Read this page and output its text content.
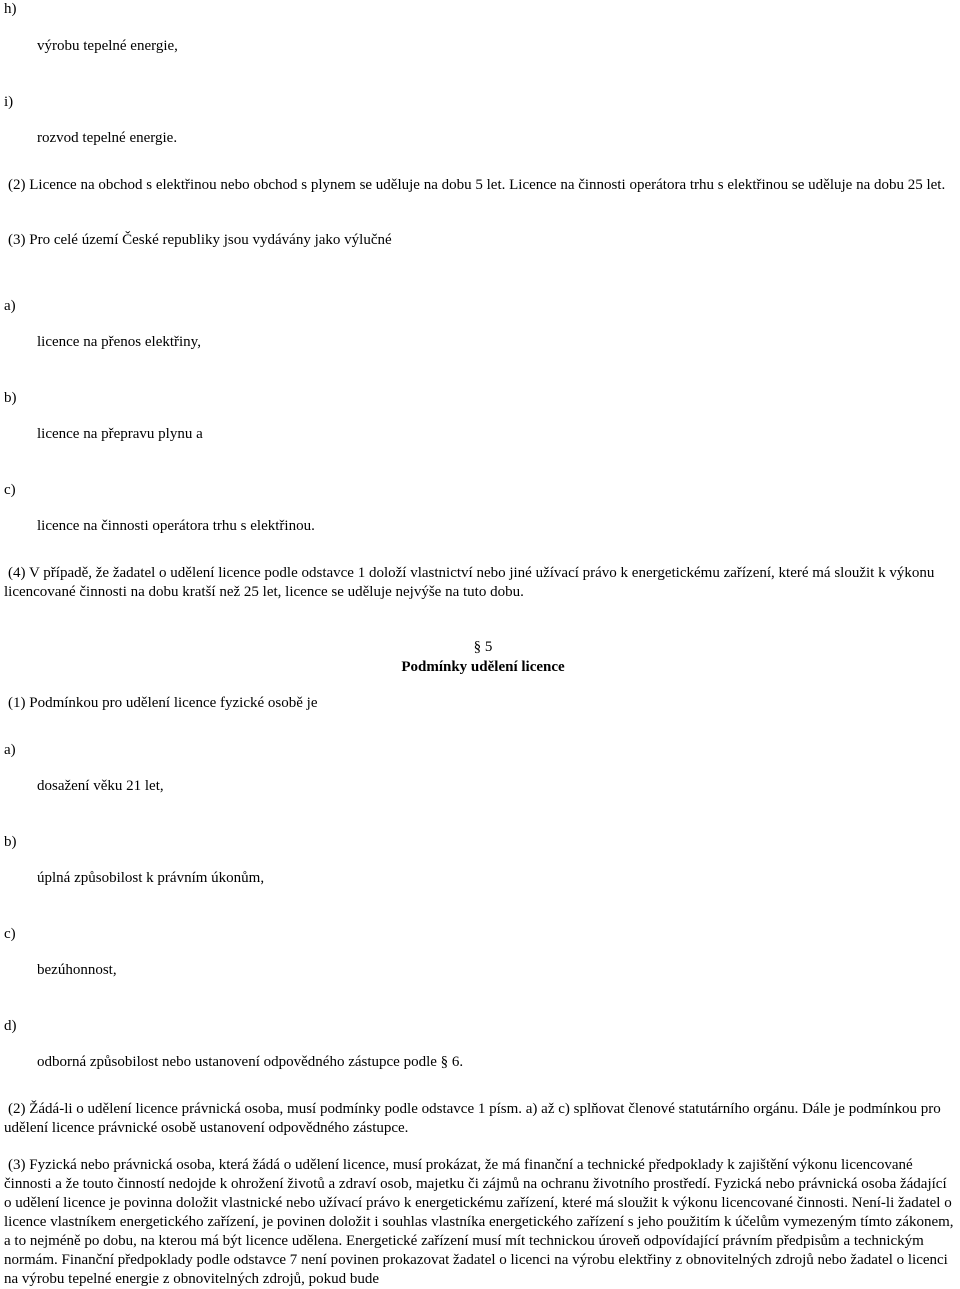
h)
výrobu tepelné energie,
i)
rozvod tepelné energie.
(2) Licence na obchod s elektřinou nebo obchod s plynem se uděluje na dobu 5 let. Licence na činnosti operátora trhu s elektřinou se uděluje na dobu 25 let.
(3) Pro celé území České republiky jsou vydávány jako výlučné
a)
licence na přenos elektřiny,
b)
licence na přepravu plynu a
c)
licence na činnosti operátora trhu s elektřinou.
(4) V případě, že žadatel o udělení licence podle odstavce 1 doloží vlastnictví nebo jiné užívací právo k energetickému zařízení, které má sloužit k výkonu licencované činnosti na dobu kratší než 25 let, licence se uděluje nejvýše na tuto dobu.
§ 5
Podmínky udělení licence
(1) Podmínkou pro udělení licence fyzické osobě je
a)
dosažení věku 21 let,
b)
úplná způsobilost k právním úkonům,
c)
bezúhonnost,
d)
odborná způsobilost nebo ustanovení odpovědného zástupce podle § 6.
(2) Žádá-li o udělení licence právnická osoba, musí podmínky podle odstavce 1 písm. a) až c) splňovat členové statutárního orgánu. Dále je podmínkou pro udělení licence právnické osobě ustanovení odpovědného zástupce.
(3) Fyzická nebo právnická osoba, která žádá o udělení licence, musí prokázat, že má finanční a technické předpoklady k zajištění výkonu licencované činnosti a že touto činností nedojde k ohrožení životů a zdraví osob, majetku či zájmů na ochranu životního prostředí. Fyzická nebo právnická osoba žádající o udělení licence je povinna doložit vlastnické nebo užívací právo k energetickému zařízení, které má sloužit k výkonu licencované činnosti. Není-li žadatel o licence vlastníkem energetického zařízení, je povinen doložit i souhlas vlastníka energetického zařízení s jeho použitím k účelům vymezeným tímto zákonem, a to nejméně po dobu, na kterou má být licence udělena. Energetické zařízení musí mít technickou úroveň odpovídající právním předpisům a technickým normám. Finanční předpoklady podle odstavce 7 není povinen prokazovat žadatel o licenci na výrobu elektřiny z obnovitelných zdrojů nebo žadatel o licenci na výrobu tepelné energie z obnovitelných zdrojů, pokud bude
